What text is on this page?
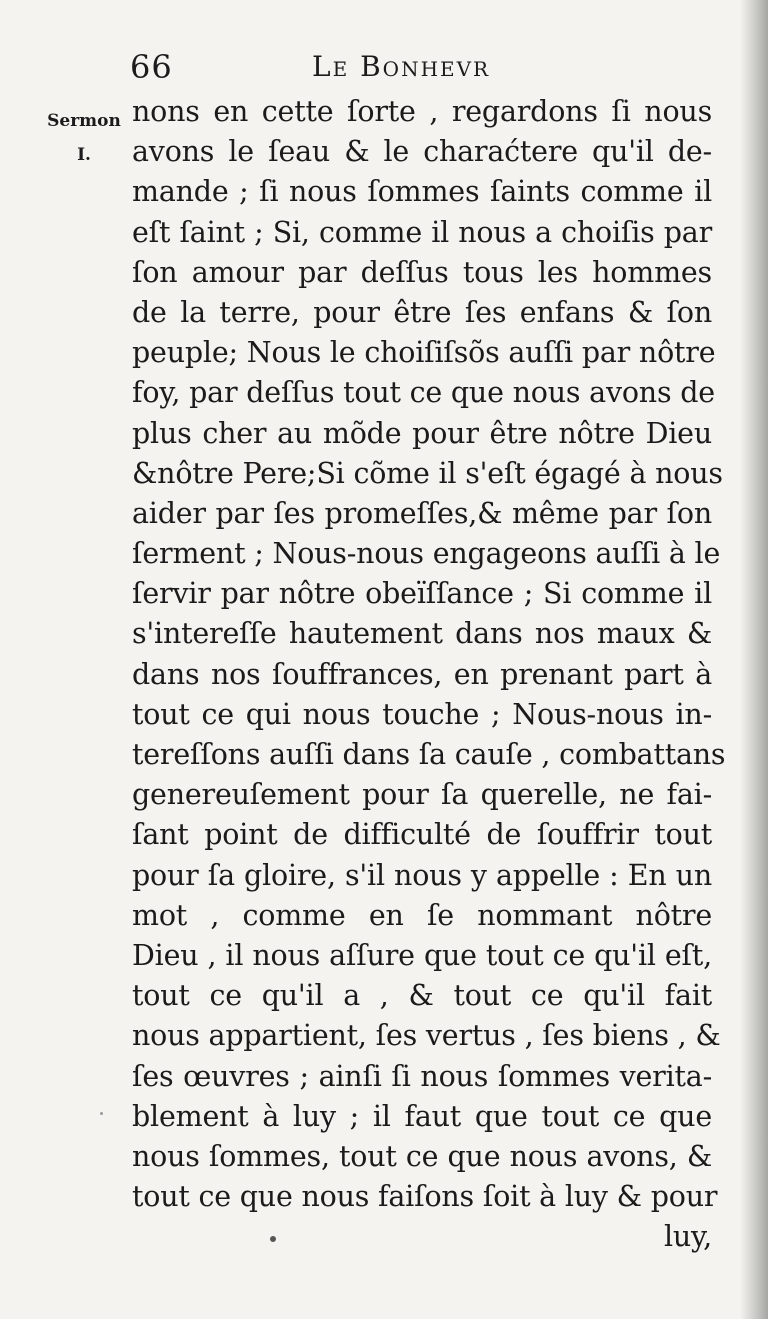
66	Le Bonhevr
Sermon
I.
nons en cette ſorte , regardons ſi nous
avons le ſeau & le charaćtere qu'il de-
mande ; ſi nous ſommes ſaints comme il
eſt ſaint ; Si, comme il nous a choiſis par
ſon amour par deſſus tous les hommes
de la terre, pour être ſes enfans & ſon
peuple; Nous le choiſiſsõs auſſi par nôtre
foy, par deſſus tout ce que nous avons de
plus cher au mõde pour être nôtre Dieu
&nôtre Pere;Si cõme il s'eſt égagé à nous
aider par ſes promeſſes,& même par ſon
ſerment ; Nous-nous engageons auſſi à le
ſervir par nôtre obeïſſance ; Si comme il
s'intereſſe hautement dans nos maux &
dans nos ſouffrances, en prenant part à
tout ce qui nous touche ; Nous-nous in-
tereſſons auſſi dans ſa cauſe , combattans
genereuſement pour ſa querelle, ne fai-
ſant point de difficulté de ſouffrir tout
pour ſa gloire, s'il nous y appelle : En un
mot , comme en ſe nommant nôtre
Dieu , il nous aſſure que tout ce qu'il eſt,
tout ce qu'il a , & tout ce qu'il fait
nous appartient, ſes vertus , ſes biens , &
ſes œuvres ; ainſi ſi nous ſommes verita-
blement à luy ; il faut que tout ce que
nous ſommes, tout ce que nous avons, &
tout ce que nous faiſons ſoit à luy & pour
luy,
